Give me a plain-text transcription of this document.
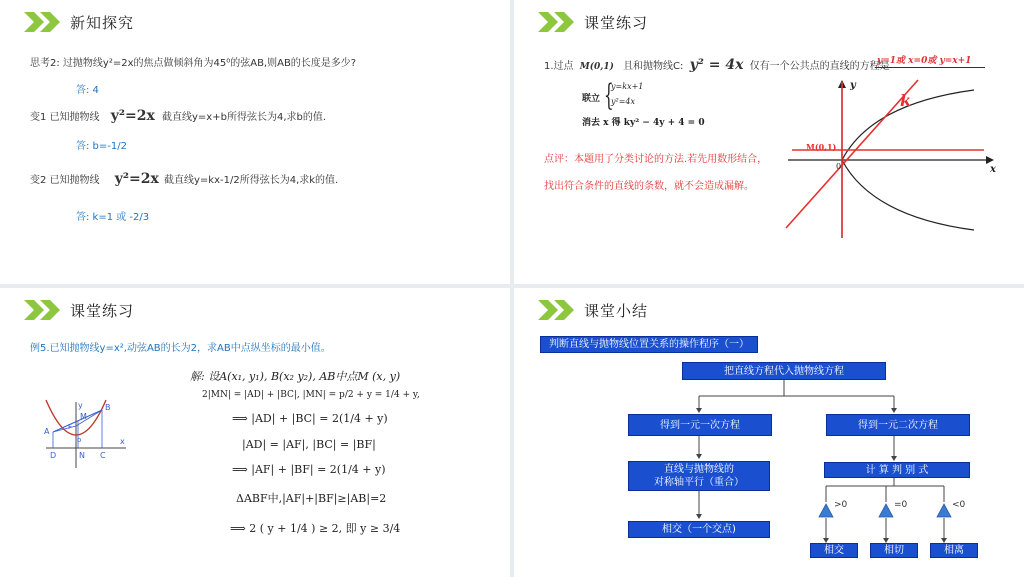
新知探究
思考2: 过抛物线y²=2x的焦点做倾斜角为45⁰的弦AB,则AB的长度是多少?
答: 4
变1 已知抛物线 y²=2x 截直线y=x+b所得弦长为4,求b的值.
答: b=-1/2
变2 已知抛物线 y²=2x 截直线y=kx-1/2所得弦长为4,求k的值.
答: k=1 或 -2/3
课堂练习
1.过点 M(0,1) 且和抛物线C: y² = 4x 仅有一个公共点的直线的方程是
y=1或 x=0或 y=x+1
联立 {
y=kx+1
y²=4x
消去 x 得 ky² − 4y + 4 = 0
点评：本题用了分类讨论的方法.若先用数形结合，
找出符合条件的直线的条数，就不会造成漏解。
y
x
0
M(0,1)
k
课堂练习
例5.已知抛物线y=x²,动弦AB的长为2，求AB中点纵坐标的最小值。
y
x
A
B
M
F
o
D	N C
解: 设A(x₁, y₁), B(x₂ y₂), AB中点M (x, y)
2|MN| = |AD| + |BC|, |MN| = p/2 + y = 1/4 + y,
⟹ |AD| + |BC| = 2(1/4 + y)
|AD| = |AF|, |BC| = |BF|
⟹ |AF| + |BF| = 2(1/4 + y)
ΔABF中,|AF|+|BF|≥|AB|=2
⟹ 2 ( y + 1/4 ) ≥ 2, 即 y ≥ 3/4
课堂小结
判断直线与抛物线位置关系的操作程序（一）
把直线方程代入抛物线方程
得到一元一次方程	得到一元二次方程
直线与抛物线的
对称轴平行（重合）
计 算 判 别 式
相交（一个交点)
>0	=0	<0
相交	相切	相离
